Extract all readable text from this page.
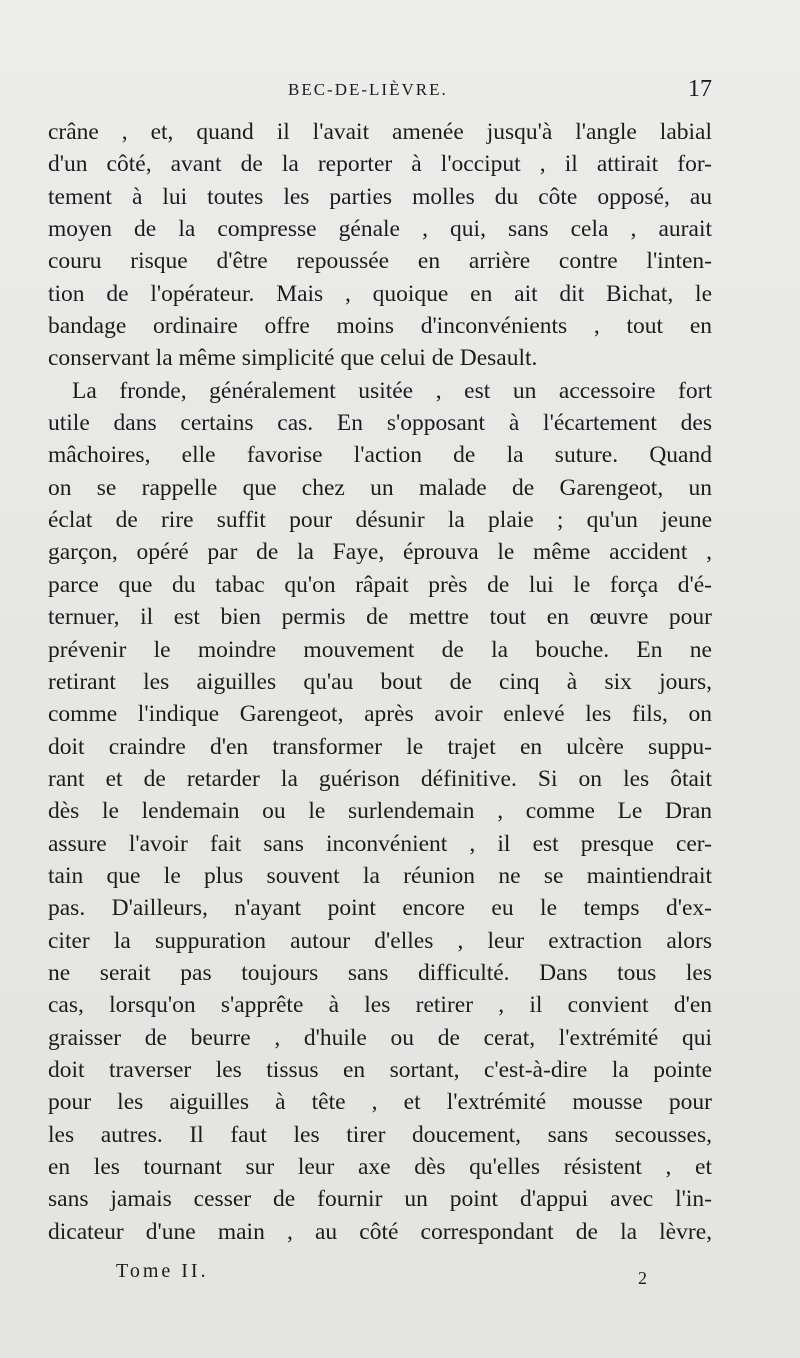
BEC-DE-LIÈVRE.	17
crâne , et, quand il l'avait amenée jusqu'à l'angle labial
d'un côté, avant de la reporter à l'occiput , il attirait for-
tement à lui toutes les parties molles du côte opposé, au
moyen de la compresse génale , qui, sans cela , aurait
couru risque d'être repoussée en arrière contre l'inten-
tion de l'opérateur. Mais , quoique en ait dit Bichat, le
bandage ordinaire offre moins d'inconvénients , tout en
conservant la même simplicité que celui de Desault.
La fronde, généralement usitée , est un accessoire fort
utile dans certains cas. En s'opposant à l'écartement des
mâchoires, elle favorise l'action de la suture. Quand
on se rappelle que chez un malade de Garengeot, un
éclat de rire suffit pour désunir la plaie ; qu'un jeune
garçon, opéré par de la Faye, éprouva le même accident ,
parce que du tabac qu'on râpait près de lui le força d'é-
ternuer, il est bien permis de mettre tout en œuvre pour
prévenir le moindre mouvement de la bouche. En ne
retirant les aiguilles qu'au bout de cinq à six jours,
comme l'indique Garengeot, après avoir enlevé les fils, on
doit craindre d'en transformer le trajet en ulcère suppu-
rant et de retarder la guérison définitive. Si on les ôtait
dès le lendemain ou le surlendemain , comme Le Dran
assure l'avoir fait sans inconvénient , il est presque cer-
tain que le plus souvent la réunion ne se maintiendrait
pas. D'ailleurs, n'ayant point encore eu le temps d'ex-
citer la suppuration autour d'elles , leur extraction alors
ne serait pas toujours sans difficulté. Dans tous les
cas, lorsqu'on s'apprête à les retirer , il convient d'en
graisser de beurre , d'huile ou de cerat, l'extrémité qui
doit traverser les tissus en sortant, c'est-à-dire la pointe
pour les aiguilles à tête , et l'extrémité mousse pour
les autres. Il faut les tirer doucement, sans secousses,
en les tournant sur leur axe dès qu'elles résistent , et
sans jamais cesser de fournir un point d'appui avec l'in-
dicateur d'une main , au côté correspondant de la lèvre,
Tome II.	2
